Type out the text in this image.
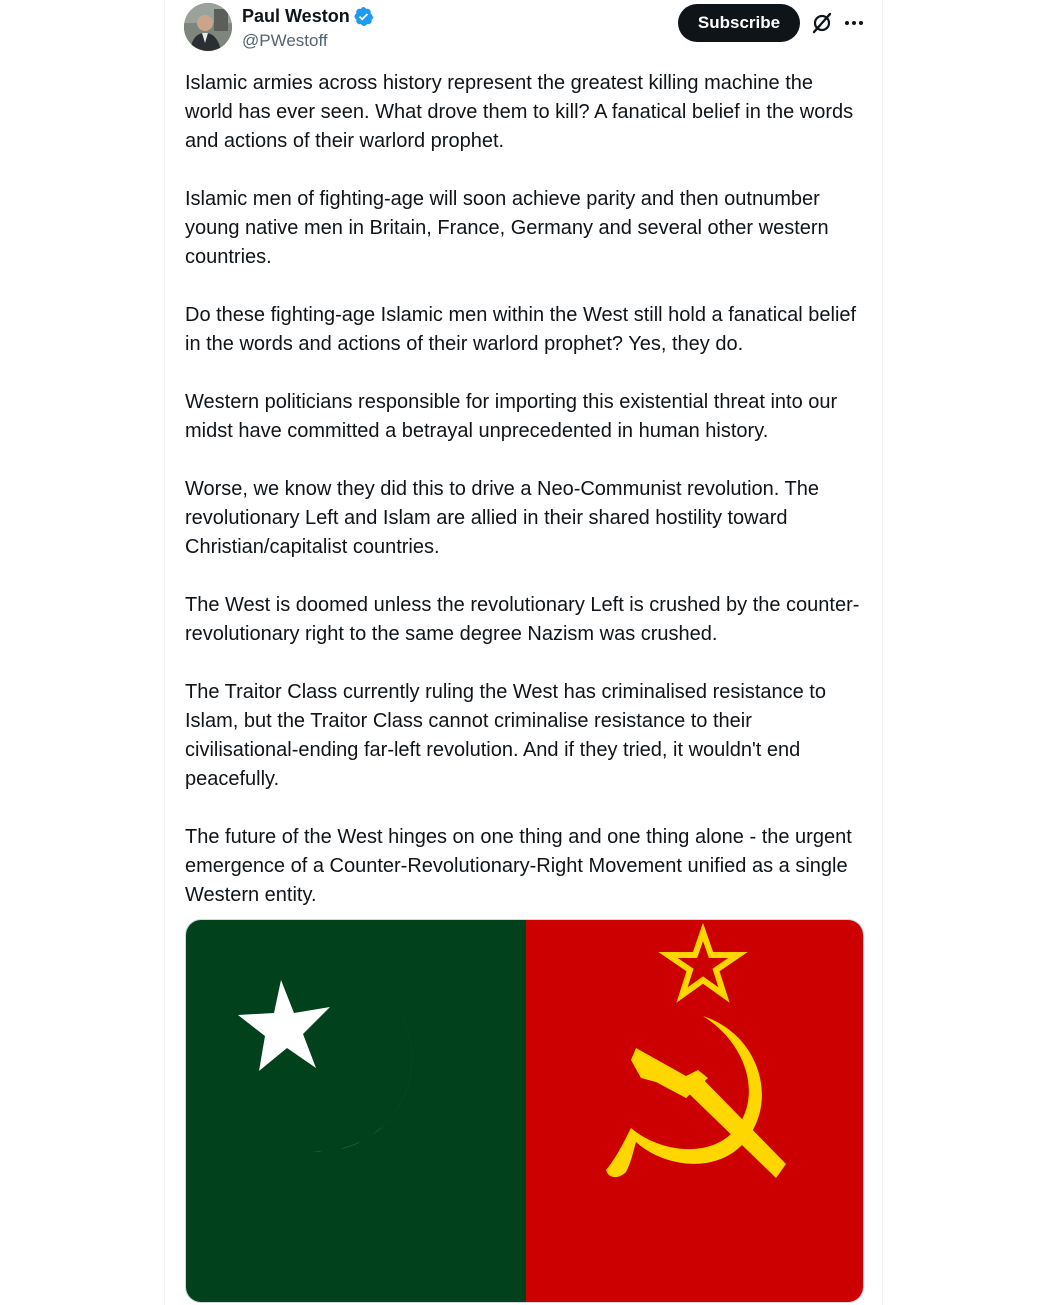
Paul Weston
@PWestoff
Subscribe

Islamic armies across history represent the greatest killing machine the world has ever seen. What drove them to kill? A fanatical belief in the words and actions of their warlord prophet.

Islamic men of fighting-age will soon achieve parity and then outnumber young native men in Britain, France, Germany and several other western countries.

Do these fighting-age Islamic men within the West still hold a fanatical belief in the words and actions of their warlord prophet? Yes, they do.

Western politicians responsible for importing this existential threat into our midst have committed a betrayal unprecedented in human history.

Worse, we know they did this to drive a Neo-Communist revolution. The revolutionary Left and Islam are allied in their shared hostility toward Christian/capitalist countries.

The West is doomed unless the revolutionary Left is crushed by the counter-revolutionary right to the same degree Nazism was crushed.

The Traitor Class currently ruling the West has criminalised resistance to Islam, but the Traitor Class cannot criminalise resistance to their civilisational-ending far-left revolution. And if they tried, it wouldn't end peacefully.

The future of the West hinges on one thing and one thing alone - the urgent emergence of a Counter-Revolutionary-Right Movement unified as a single Western entity.
